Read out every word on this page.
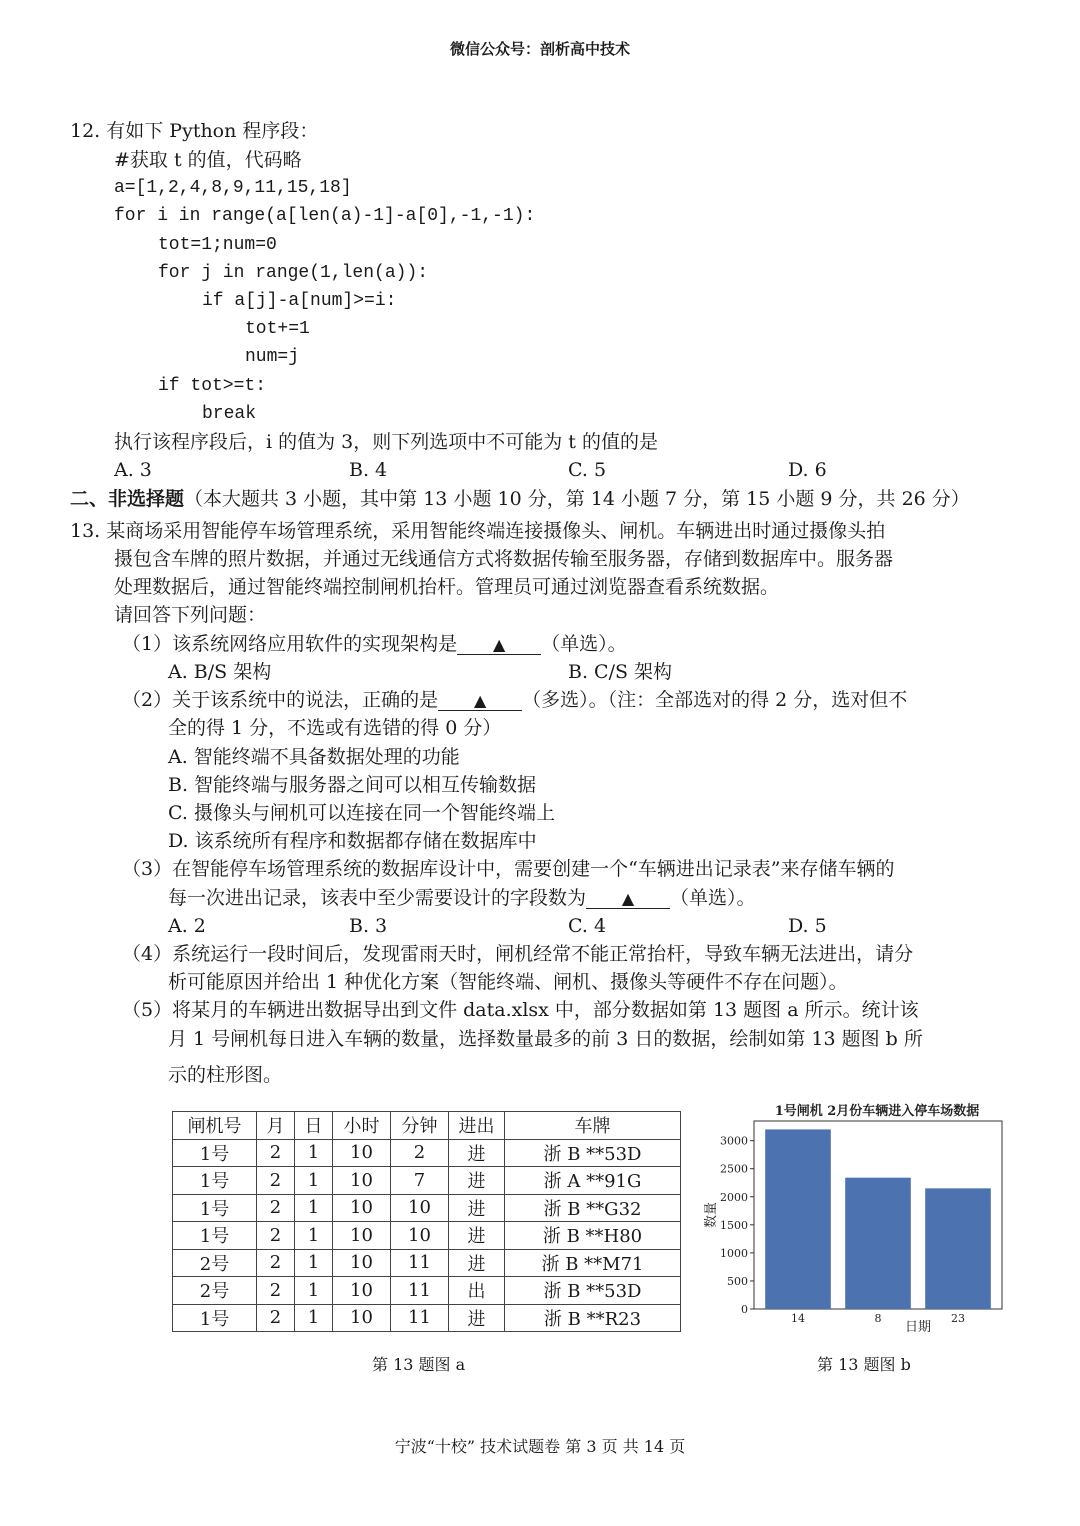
微信公众号：剖析高中技术
12. 有如下 Python 程序段：
#获取 t 的值，代码略
a=[1,2,4,8,9,11,15,18]
for i in range(a[len(a)-1]-a[0],-1,-1):
tot=1;num=0
for j in range(1,len(a)):
if a[j]-a[num]>=i:
tot+=1
num=j
if tot>=t:
break
执行该程序段后，i 的值为 3，则下列选项中不可能为 t 的值的是
A. 3	B. 4	C. 5	D. 6
二、非选择题（本大题共 3 小题，其中第 13 小题 10 分，第 14 小题 7 分，第 15 小题 9 分，共 26 分）
13. 某商场采用智能停车场管理系统，采用智能终端连接摄像头、闸机。车辆进出时通过摄像头拍
摄包含车牌的照片数据，并通过无线通信方式将数据传输至服务器，存储到数据库中。服务器
处理数据后，通过智能终端控制闸机抬杆。管理员可通过浏览器查看系统数据。
请回答下列问题：
（1）该系统网络应用软件的实现架构是 ▲ （单选）。
A. B/S 架构	B. C/S 架构
（2）关于该系统中的说法，正确的是 ▲ （多选）。（注：全部选对的得 2 分，选对但不
全的得 1 分，不选或有选错的得 0 分）
A. 智能终端不具备数据处理的功能
B. 智能终端与服务器之间可以相互传输数据
C. 摄像头与闸机可以连接在同一个智能终端上
D. 该系统所有程序和数据都存储在数据库中
（3）在智能停车场管理系统的数据库设计中，需要创建一个“车辆进出记录表”来存储车辆的
每一次进出记录，该表中至少需要设计的字段数为 ▲ （单选）。
A. 2	B. 3	C. 4	D. 5
（4）系统运行一段时间后，发现雷雨天时，闸机经常不能正常抬杆，导致车辆无法进出，请分
析可能原因并给出 1 种优化方案（智能终端、闸机、摄像头等硬件不存在问题）。
（5）将某月的车辆进出数据导出到文件 data.xlsx 中，部分数据如第 13 题图 a 所示。统计该
月 1 号闸机每日进入车辆的数量，选择数量最多的前 3 日的数据，绘制如第 13 题图 b 所
示的柱形图。
闸机号	月	日	小时	分钟	进出	车牌
1号	2	1	10	2	进	浙 B **53D
1号	2	1	10	7	进	浙 A **91G
1号	2	1	10	10	进	浙 B **G32
1号	2	1	10	10	进	浙 B **H80
2号	2	1	10	11	进	浙 B **M71
2号	2	1	10	11	出	浙 B **53D
1号	2	1	10	11	进	浙 B **R23
第 13 题图 a
1号闸机 2月份车辆进入停车场数据
0
500
1000
1500
2000
2500
3000
14	8	23
日期
数量
第 13 题图 b
宁波“十校” 技术试题卷 第 3 页 共 14 页
